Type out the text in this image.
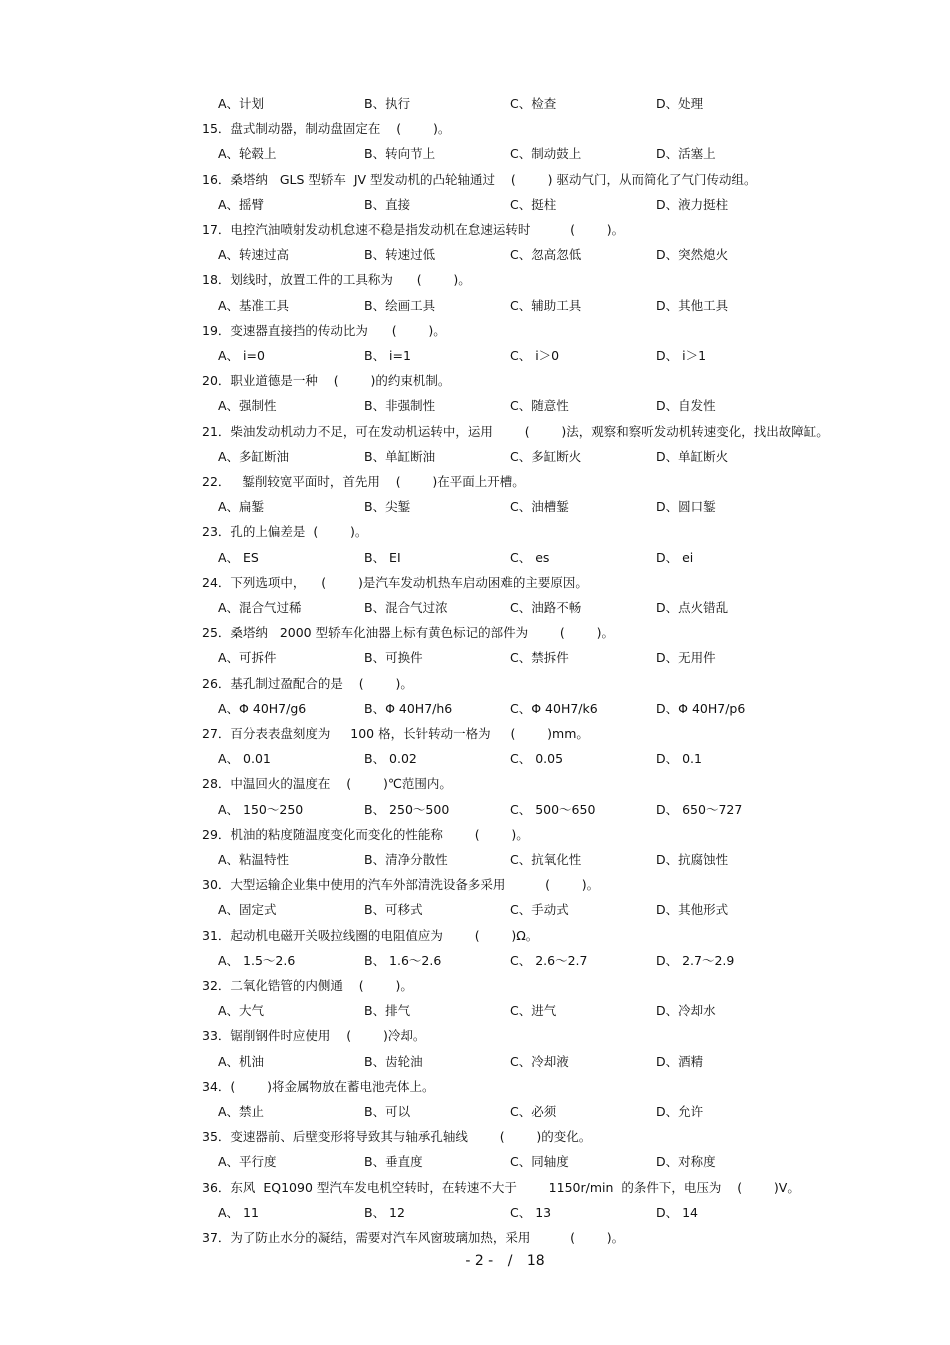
A、计划	B、执行	C、检查	D、处理
15．盘式制动器，制动盘固定在    (        )。
A、轮毂上	B、转向节上	C、制动鼓上	D、活塞上
16．桑塔纳   GLS 型轿车  JV 型发动机的凸轮轴通过    (        ) 驱动气门，从而简化了气门传动组。
A、摇臂	B、直接	C、挺柱	D、液力挺柱
17．电控汽油喷射发动机怠速不稳是指发动机在怠速运转时          (        )。
A、转速过高	B、转速过低	C、忽高忽低	D、突然熄火
18．划线时，放置工件的工具称为      (        )。
A、基准工具	B、绘画工具	C、辅助工具	D、其他工具
19．变速器直接挡的传动比为      (        )。
A、 i=0	B、 i=1	C、 i＞0	D、 i＞1
20．职业道德是一种    (        )的约束机制。
A、强制性	B、非强制性	C、随意性	D、自发性
21．柴油发动机动力不足，可在发动机运转中，运用        (        )法，观察和察听发动机转速变化，找出故障缸。
A、多缸断油	B、单缸断油	C、多缸断火	D、单缸断火
22．   錾削较宽平面时，首先用    (        )在平面上开槽。
A、扁錾	B、尖錾	C、油槽錾	D、圆口錾
23．孔的上偏差是  (        )。
A、 ES	B、 EI	C、 es	D、 ei
24．下列选项中，    (        )是汽车发动机热车启动困难的主要原因。
A、混合气过稀	B、混合气过浓	C、油路不畅	D、点火错乱
25．桑塔纳   2000 型轿车化油器上标有黄色标记的部件为        (        )。
A、可拆件	B、可换件	C、禁拆件	D、无用件
26．基孔制过盈配合的是    (        )。
A、Φ 40H7/g6	B、Φ 40H7/h6	C、Φ 40H7/k6	D、Φ 40H7/p6
27．百分表表盘刻度为     100 格，长针转动一格为     (        )mm。
A、 0.01	B、 0.02	C、 0.05	D、 0.1
28．中温回火的温度在    (        )℃范围内。
A、 150～250	B、 250～500	C、 500～650	D、 650～727
29．机油的粘度随温度变化而变化的性能称        (        )。
A、粘温特性	B、清净分散性	C、抗氧化性	D、抗腐蚀性
30．大型运输企业集中使用的汽车外部清洗设备多采用          (        )。
A、固定式	B、可移式	C、手动式	D、其他形式
31．起动机电磁开关吸拉线圈的电阻值应为        (        )Ω。
A、 1.5～2.6	B、 1.6～2.6	C、 2.6～2.7	D、 2.7～2.9
32．二氧化锆管的内侧通    (        )。
A、大气	B、排气	C、进气	D、冷却水
33．锯削钢件时应使用    (        )冷却。
A、机油	B、齿轮油	C、冷却液	D、酒精
34．(        )将金属物放在蓄电池壳体上。
A、禁止	B、可以	C、必须	D、允许
35．变速器前、后壁变形将导致其与轴承孔轴线        (        )的变化。
A、平行度	B、垂直度	C、同轴度	D、对称度
36．东风  EQ1090 型汽车发电机空转时，在转速不大于        1150r/min  的条件下，电压为    (        )V。
A、 11	B、 12	C、 13	D、 14
37．为了防止水分的凝结，需要对汽车风窗玻璃加热，采用          (        )。
- 2 - / 18
